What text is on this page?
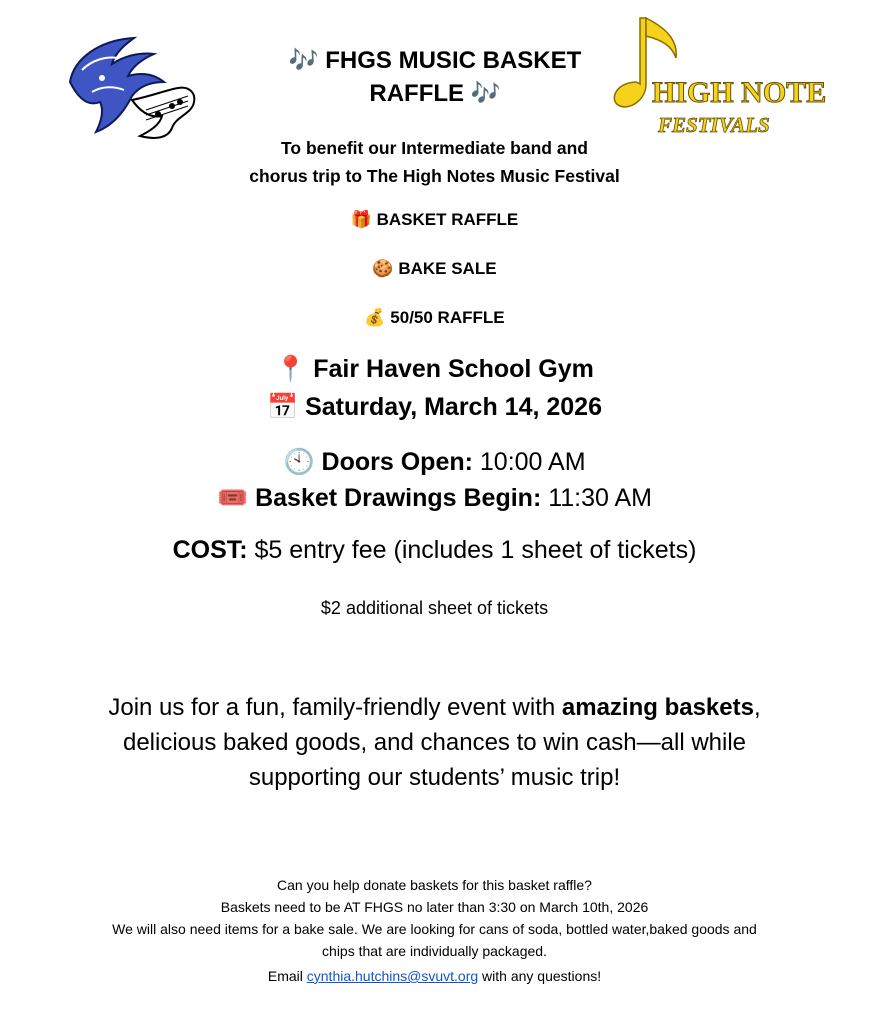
HIGH NOTE
FESTIVALS
🎶 FHGS MUSIC BASKET
RAFFLE 🎶
To benefit our Intermediate band and
chorus trip to The High Notes Music Festival
🎁 BASKET RAFFLE
🍪 BAKE SALE
💰 50/50 RAFFLE
📍 Fair Haven School Gym
📅 Saturday, March 14, 2026
🕙 Doors Open: 10:00 AM
🎟️ Basket Drawings Begin: 11:30 AM
COST: $5 entry fee (includes 1 sheet of tickets)
$2 additional sheet of tickets
Join us for a fun, family-friendly event with amazing baskets,
delicious baked goods, and chances to win cash—all while
supporting our students’ music trip!
Can you help donate baskets for this basket raffle?
Baskets need to be AT FHGS no later than 3:30 on March 10th, 2026
We will also need items for a bake sale. We are looking for cans of soda, bottled water,baked goods and
chips that are individually packaged.
Email cynthia.hutchins@svuvt.org with any questions!
